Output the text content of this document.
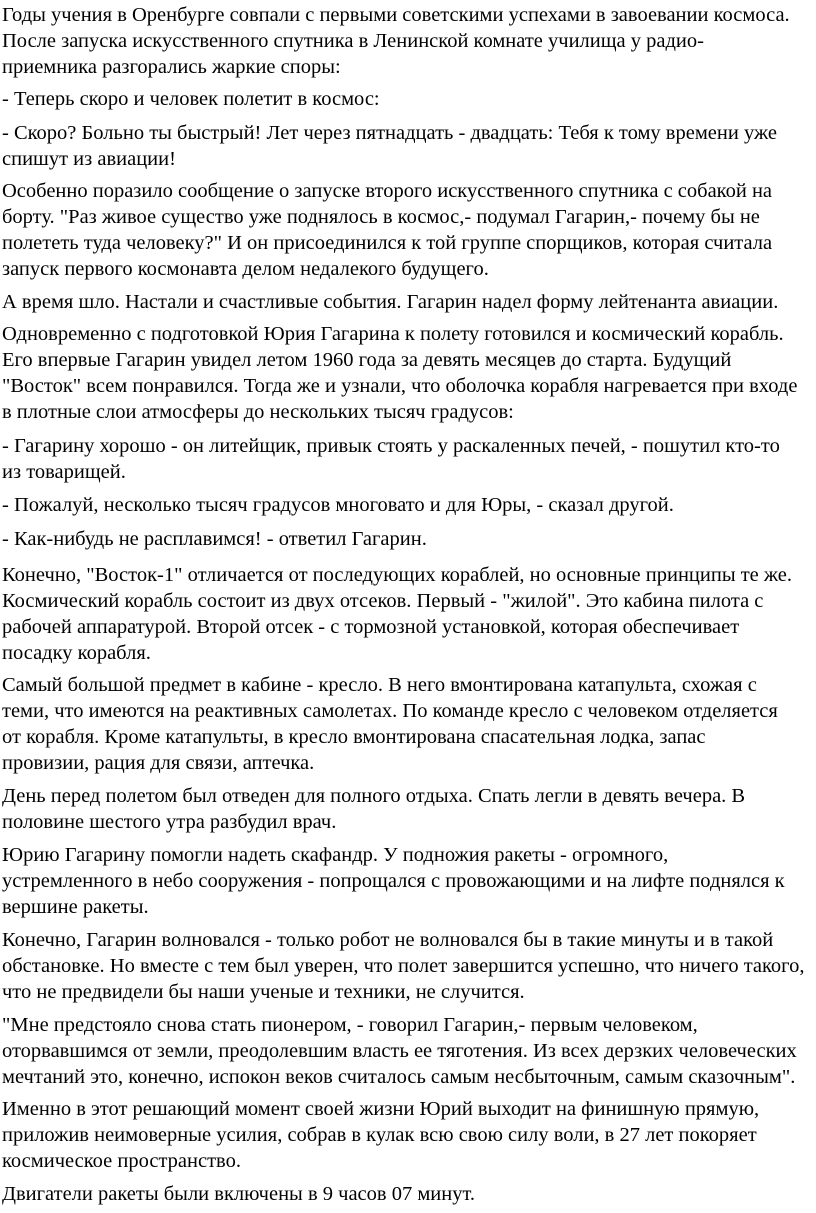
Годы учения в Оренбурге совпали с первыми советскими успехами в завоевании космоса.
После запуска искусственного спутника в Ленинской комнате училища у радио-
приемника разгорались жаркие споры:

- Теперь скоро и человек полетит в космос:

- Скоро? Больно ты быстрый! Лет через пятнадцать - двадцать: Тебя к тому времени уже
спишут из авиации!

Особенно поразило сообщение о запуске второго искусственного спутника с собакой на
борту. "Раз живое существо уже поднялось в космос,- подумал Гагарин,- почему бы не
полететь туда человеку?" И он присоединился к той группе спорщиков, которая считала
запуск первого космонавта делом недалекого будущего.

А время шло. Настали и счастливые события. Гагарин надел форму лейтенанта авиации.

Одновременно с подготовкой Юрия Гагарина к полету готовился и космический корабль.
Его впервые Гагарин увидел летом 1960 года за девять месяцев до старта. Будущий
"Восток" всем понравился. Тогда же и узнали, что оболочка корабля нагревается при входе
в плотные слои атмосферы до нескольких тысяч градусов:

- Гагарину хорошо - он литейщик, привык стоять у раскаленных печей, - пошутил кто-то
из товарищей.

- Пожалуй, несколько тысяч градусов многовато и для Юры, - сказал другой.

- Как-нибудь не расплавимся! - ответил Гагарин.

Конечно, "Восток-1" отличается от последующих кораблей, но основные принципы те же.
Космический корабль состоит из двух отсеков. Первый - "жилой". Это кабина пилота с
рабочей аппаратурой. Второй отсек - с тормозной установкой, которая обеспечивает
посадку корабля.

Самый большой предмет в кабине - кресло. В него вмонтирована катапульта, схожая с
теми, что имеются на реактивных самолетах. По команде кресло с человеком отделяется
от корабля. Кроме катапульты, в кресло вмонтирована спасательная лодка, запас
провизии, рация для связи, аптечка.

День перед полетом был отведен для полного отдыха. Спать легли в девять вечера. В
половине шестого утра разбудил врач.

Юрию Гагарину помогли надеть скафандр. У подножия ракеты - огромного,
устремленного в небо сооружения - попрощался с провожающими и на лифте поднялся к
вершине ракеты.

Конечно, Гагарин волновался - только робот не волновался бы в такие минуты и в такой
обстановке. Но вместе с тем был уверен, что полет завершится успешно, что ничего такого,
что не предвидели бы наши ученые и техники, не случится.

"Мне предстояло снова стать пионером, - говорил Гагарин,- первым человеком,
оторвавшимся от земли, преодолевшим власть ее тяготения. Из всех дерзких человеческих
мечтаний это, конечно, испокон веков считалось самым несбыточным, самым сказочным".

Именно в этот решающий момент своей жизни Юрий выходит на финишную прямую,
приложив неимоверные усилия, собрав в кулак всю свою силу воли, в 27 лет покоряет
космическое пространство.

Двигатели ракеты были включены в 9 часов 07 минут.
